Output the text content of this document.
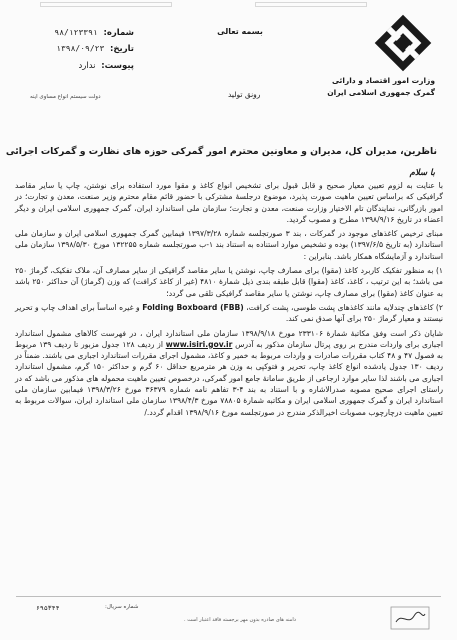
بسمه تعالی
شماره: ۹۸/۱۲۳۳۹۱
تاریخ: ۱۳۹۸/۰۹/۲۳
پیوست: ندارد
دولت سیستم انواع مساوی اینه
وزارت امور اقتصاد و دارائی
گمرک جمهوری اسلامی ایران
رونق تولید
ناظرین، مدیران کل، مدیران و معاونین محترم امور گمرکی حوزه های نظارت و گمرکات اجرائی
با سلام

با عنایت به لزوم تعیین معیار صحیح و قابل قبول برای تشخیص انواع کاغذ و مقوا مورد استفاده برای نوشتن، چاپ یا سایر مقاصد گرافیکی که براساس تعیین ماهیت صورت پذیرد، موضوع درجلسهٔ مشترکی با حضور قائم مقام محترم وزیر صنعت، معدن و تجارت؛ در امور بازرگانی، نمایندگان تام الاختیار وزارت صنعت، معدن و تجارت؛ سازمان ملی استاندارد ایران، گمرک جمهوری اسلامی ایران و دیگر اعضاء در تاریخ ۱۳۹۸/۹/۱۶ مطرح و مصوب گردید.

مبنای ترخیص کاغذهای موجود در گمرکات ، بند ۳ صورتجلسه شماره ۱۳۹۷/۳/۲۸ فیمابین گمرک جمهوری اسلامی ایران و سازمان ملی استاندارد (به تاریخ ۱۳۹۷/۶/۵) بوده و تشخیص موارد استناده به استناد بند ۱-ب صورتجلسه شماره ۱۳۲۲۵۵ مورخ ۱۳۹۸/۵/۳۰ سازمان ملی استاندارد و آزمایشگاه همکار باشد. بنابراین :

۱) به منظور تفکیک کاربرد کاغذ (مقوا) برای مصارف چاپ، نوشتن یا سایر مقاصد گرافیکی از سایر مصارف آن، ملاک تفکیک، گرماژ ۲۵۰ می باشد؛ به این ترتیب ، کاغذ، کاغذ (مقوا) قابل طبقه بندی ذیل شمارهٔ ۴۸۱۰ (غیر از کاغذ کرافت) که وزن (گرماژ) آن حداکثر ۲۵۰ باشد به عنوان کاغذ (مقوا) برای مصارف چاپ، نوشتن یا سایر مقاصد گرافیکی تلقی می گردد؛

۲) کاغذهای چندلایه مانند کاغذهای پشت طوسی، پشت کرافت، Folding Boxboard (FBB) و غیره اساساً برای اهداف چاپ و تحریر نیستند و معیار گرماژ ۲۵۰ برای آنها صدق نمی کند.

شایان ذکر است وفق مکاتبهٔ شمارهٔ ۲۳۳۱۰۶ مورخ ۱۳۹۸/۹/۱۸ سازمان ملی استاندارد ایران ، در فهرست کالاهای مشمول استاندارد اجباری برای واردات مندرج بر روی پرتال سازمان مذکور به آدرس www.isiri.gov.ir از ردیف ۱۲۸ جدول مزبور تا ردیف ۱۳۹ مربوط به فصول ۴۷ و ۴۸ کتاب مقررات صادرات و واردات مربوط به خمیر و کاغذ، مشمول اجرای مقررات استاندارد اجباری می باشند. ضمناً در ردیف ۱۳۰ جدول یادشده انواع کاغذ چاپ، تحریر و فتوکپی به وزن هر مترمربع حداقل ۶۰ گرم و حداکثر ۱۵۰ گرم، مشمول استاندارد اجباری می باشند لذا سایر موارد ارجاعی از طریق سامانهٔ جامع امور گمرکی، درخصوص تعیین ماهیت محموله های مذکور می باشد که در راستای اجرای صحیح مصوبه صدرالاشاره و با استناد به بند ۴-۳ تفاهم نامه شماره ۳۶۳۷۹ مورخ ۱۳۹۸/۳/۲۶ فیمابین سازمان ملی استاندارد ایران و گمرک جمهوری اسلامی ایران و مکاتبه شمارهٔ ۷۸۸۰۵ مورخ ۱۳۹۸/۴/۳ سازمان ملی استاندارد ایران، سوالات مربوط به تعیین ماهیت درچارچوب مصوبات اخیرالذکر مندرج در صورتجلسه مورخ ۱۳۹۸/۹/۱۶ اقدام گردد./

۶۹۵۳۴۴	شماره سریال:
دامنه های صادره بدون مهر برجسته فاقد اعتبار است .
